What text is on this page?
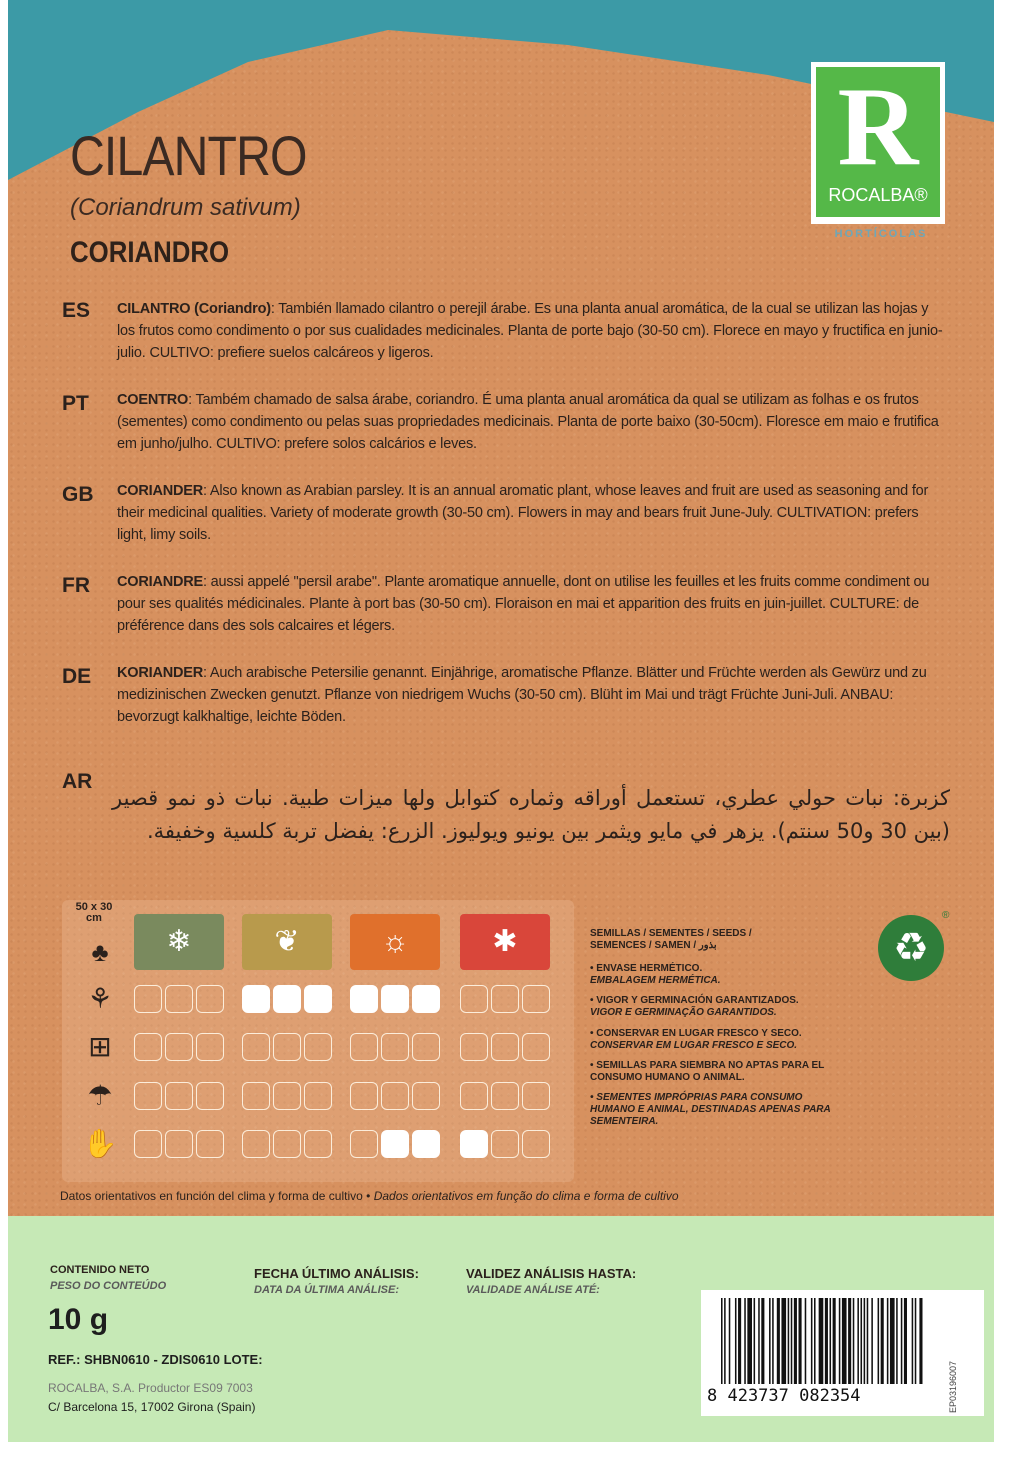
CILANTRO
(Coriandrum sativum)
CORIANDRO
R
ROCALBA®
HORTÍCOLAS
ES CILANTRO (Coriandro): También llamado cilantro o perejil árabe. Es una planta anual aromática, de la cual se utilizan las hojas y los frutos como condimento o por sus cualidades medicinales. Planta de porte bajo (30-50 cm). Florece en mayo y fructifica en junio-julio. CULTIVO: prefiere suelos calcáreos y ligeros.
PT COENTRO: Também chamado de salsa árabe, coriandro. É uma planta anual aromática da qual se utilizam as folhas e os frutos (sementes) como condimento ou pelas suas propriedades medicinais. Planta de porte baixo (30-50cm). Floresce em maio e frutifica em junho/julho. CULTIVO: prefere solos calcários e leves.
GB CORIANDER: Also known as Arabian parsley. It is an annual aromatic plant, whose leaves and fruit are used as seasoning and for their medicinal qualities. Variety of moderate growth (30-50 cm). Flowers in may and bears fruit June-July. CULTIVATION: prefers light, limy soils.
FR CORIANDRE: aussi appelé "persil arabe". Plante aromatique annuelle, dont on utilise les feuilles et les fruits comme condiment ou pour ses qualités médicinales. Plante à port bas (30-50 cm). Floraison en mai et apparition des fruits en juin-juillet. CULTURE: de préférence dans des sols calcaires et légers.
DE KORIANDER: Auch arabische Petersilie genannt. Einjährige, aromatische Pflanze. Blätter und Früchte werden als Gewürz und zu medizinischen Zwecken genutzt. Pflanze von niedrigem Wuchs (30-50 cm). Blüht im Mai und trägt Früchte Juni-Juli. ANBAU: bevorzugt kalkhaltige, leichte Böden.
AR
كزبرة: نبات حولي عطري، تستعمل أوراقه وثماره كتوابل ولها ميزات طبية. نبات ذو نمو قصير (بين 30 و50 سنتم). يزهر في مايو ويثمر بين يونيو ويوليوز. الزرع: يفضل تربة كلسية وخفيفة.
50 x 30 cm
♣
SEMILLAS / SEMENTES / SEEDS / SEMENCES / SAMEN / بذور
• ENVASE HERMÉTICO.
EMBALAGEM HERMÉTICA.
• VIGOR Y GERMINACIÓN GARANTIZADOS.
VIGOR E GERMINAÇÃO GARANTIDOS.
• CONSERVAR EN LUGAR FRESCO Y SECO.
CONSERVAR EM LUGAR FRESCO E SECO.
• SEMILLAS PARA SIEMBRA NO APTAS PARA EL CONSUMO HUMANO O ANIMAL.
• SEMENTES IMPRÓPRIAS PARA CONSUMO HUMANO E ANIMAL, DESTINADAS APENAS PARA SEMENTEIRA.
♻
®
Datos orientativos en función del clima y forma de cultivo • Dados orientativos em função do clima e forma de cultivo
CONTENIDO NETO
PESO DO CONTEÚDO
10 g
FECHA ÚLTIMO ANÁLISIS:
DATA DA ÚLTIMA ANÁLISE:
VALIDEZ ANÁLISIS HASTA:
VALIDADE ANÁLISE ATÉ:
REF.: SHBN0610 - ZDIS0610 LOTE:
ROCALBA, S.A. Productor ES09 7003
C/ Barcelona 15, 17002 Girona (Spain)
8 423737 082354	EP03196007
❄	❦	☼	✱
⚘
⊞
☂
✋
